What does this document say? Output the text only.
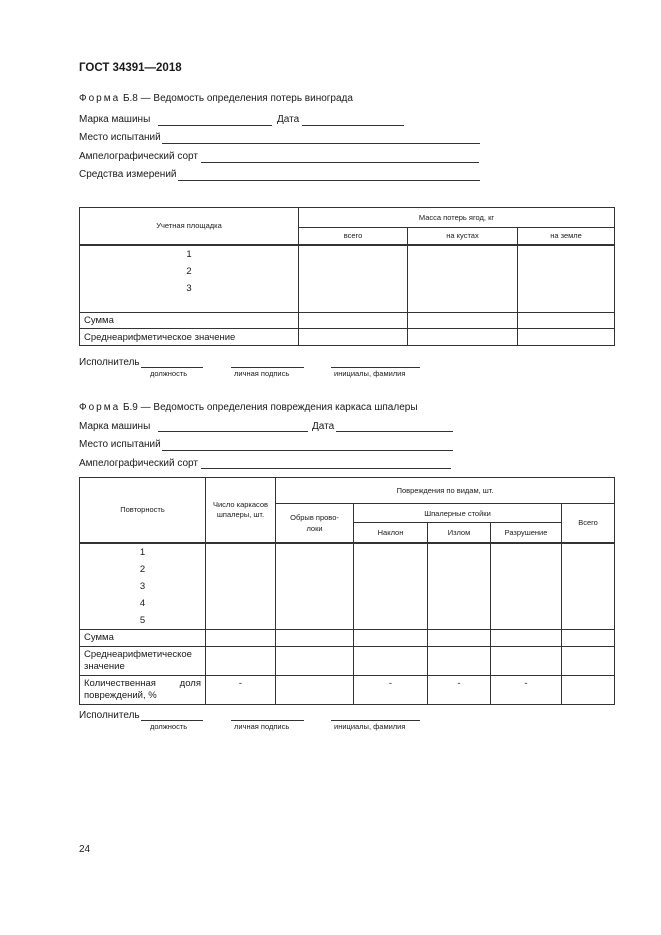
ГОСТ 34391—2018
Форма Б.8 — Ведомость определения потерь винограда
Марка машины	Дата
Место испытаний
Ампелографический сорт
Средства измерений
Учетная площадка	Масса потерь ягод, кг		
	всего	на кустах	на земле

1
2
3			

Сумма			
Среднеарифметическое значение			
Исполнитель
должность	личная подпись	инициалы, фамилия
Форма Б.9 — Ведомость определения повреждения каркаса шпалеры
Марка машины	Дата
Место испытаний
Ампелографический сорт
Повторность	Число каркасов шпалеры, шт.	Повреждения по видам, шт.				
		Обрыв прово-локи	Шпалерные стойки			Всего
			Наклон	Излом	Разрушение	

1
2
3
4
5						

Сумма						
Среднеарифметическое значение						

Количественная доля
повреждений, %	-		-	-	-	
Исполнитель
должность	личная подпись	инициалы, фамилия
24
